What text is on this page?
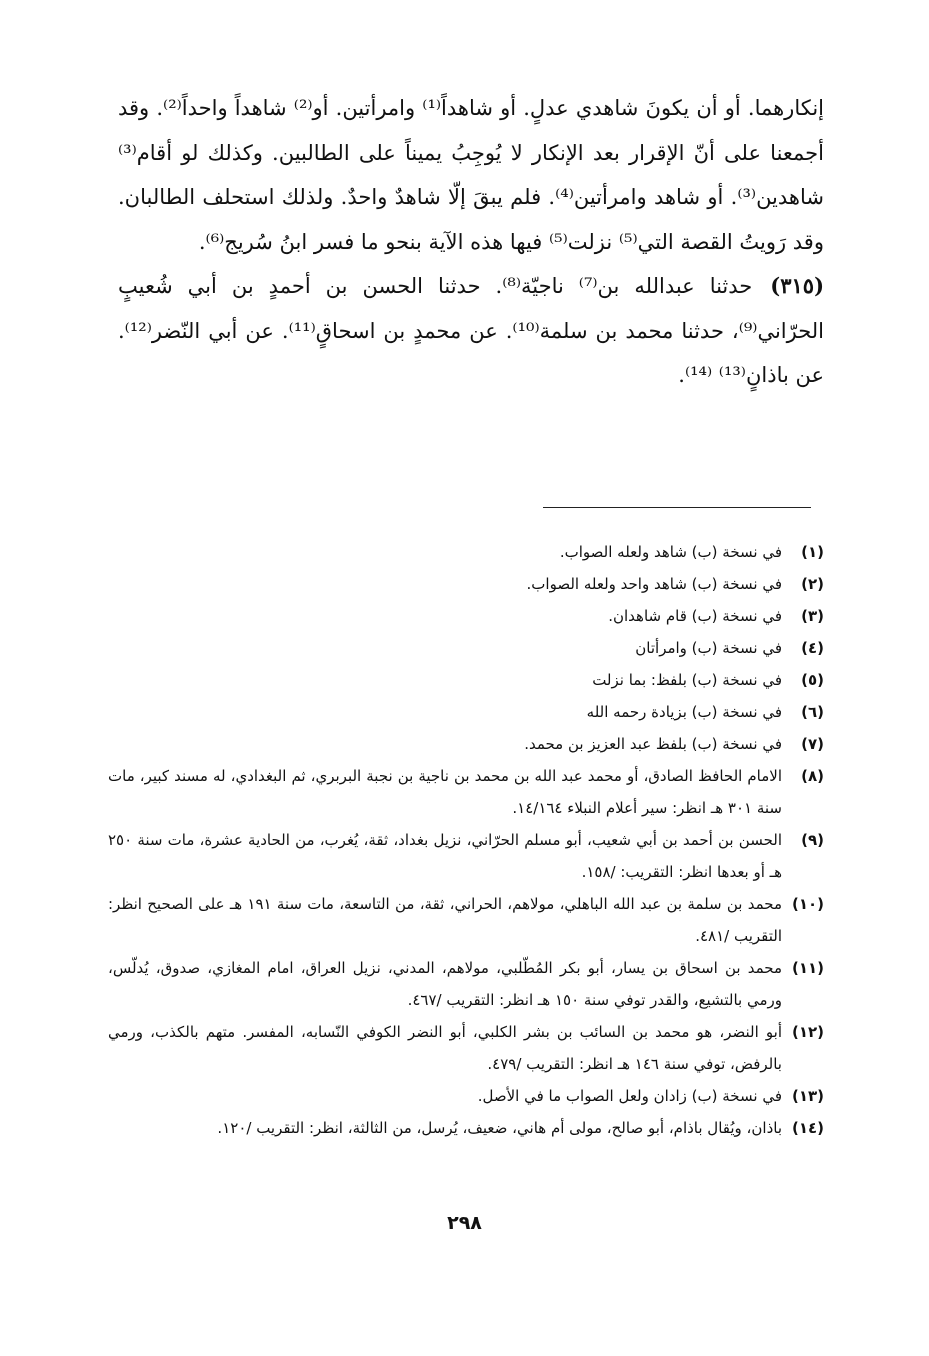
إنكارهما. أو أن يكونَ شاهدي عدلٍ. أو شاهداً⁽¹⁾ وامرأتين. أو⁽²⁾ شاهداً واحداً⁽²⁾. وقد أجمعنا على أنّ الإقرار بعد الإنكار لا يُوجِبُ يميناً على الطالبين. وكذلك لو أقام⁽³⁾ شاهدين⁽³⁾. أو شاهد وامرأتين⁽⁴⁾. فلم يبقَ إلّا شاهدٌ واحدٌ. ولذلك استحلف الطالبان. وقد رَويتُ القصة التي⁽⁵⁾ نزلت⁽⁵⁾ فيها هذه الآية بنحو ما فسر ابنُ سُريج⁽⁶⁾.

(٣١٥)حدثنا عبدالله بن⁽⁷⁾ ناجيّة⁽⁸⁾. حدثنا الحسن بن أحمدٍ بن أبي شُعيبٍ الحرّاني⁽⁹⁾، حدثنا محمد بن سلمة⁽¹⁰⁾. عن محمدٍ بن اسحاقٍ⁽¹¹⁾. عن أبي النّضر⁽¹²⁾. عن باذانٍ⁽¹³⁾ ⁽¹⁴⁾.

(١)
في نسخة (ب) شاهد ولعله الصواب.
(٢)
في نسخة (ب) شاهد واحد ولعله الصواب.
(٣)
في نسخة (ب) قام شاهدان.
(٤)
في نسخة (ب) وامرأتان
(٥)
في نسخة (ب) بلفظ: بما نزلت
(٦)
في نسخة (ب) بزيادة رحمه الله
(٧)
في نسخة (ب) بلفظ عبد العزيز بن محمد.
(٨)
الامام الحافظ الصادق، أو محمد عبد الله بن محمد بن ناجية بن نجبة البربري، ثم البغدادي، له مسند كبير، مات سنة ٣٠١ هـ انظر: سير أعلام النبلاء ١٤/١٦٤.
(٩)
الحسن بن أحمد بن أبي شعيب، أبو مسلم الحرّاني، نزيل بغداد، ثقة، يُغرب، من الحادية عشرة، مات سنة ٢٥٠ هـ أو بعدها انظر: التقريب: /١٥٨.
(١٠)
محمد بن سلمة بن عبد الله الباهلي، مولاهم، الحراني، ثقة، من التاسعة، مات سنة ١٩١ هـ على الصحيح انظر: التقريب /٤٨١.
(١١)
محمد بن اسحاق بن يسار، أبو بكر المُطّلبي، مولاهم، المدني، نزيل العراق، امام المغازي، صدوق، يُدلّس، ورمي بالتشيع، والقدر توفي سنة ١٥٠ هـ انظر: التقريب /٤٦٧.
(١٢)
أبو النضر، هو محمد بن السائب بن بشر الكلبي، أبو النضر الكوفي النّسابه، المفسر. متهم بالكذب، ورمي بالرفض، توفي سنة ١٤٦ هـ انظر: التقريب /٤٧٩.
(١٣)
في نسخة (ب) زادان ولعل الصواب ما في الأصل.
(١٤)
باذان، ويُقال باذام، أبو صالح، مولى أم هاني، ضعيف، يُرسل، من الثالثة، انظر: التقريب /١٢٠.
٢٩٨
